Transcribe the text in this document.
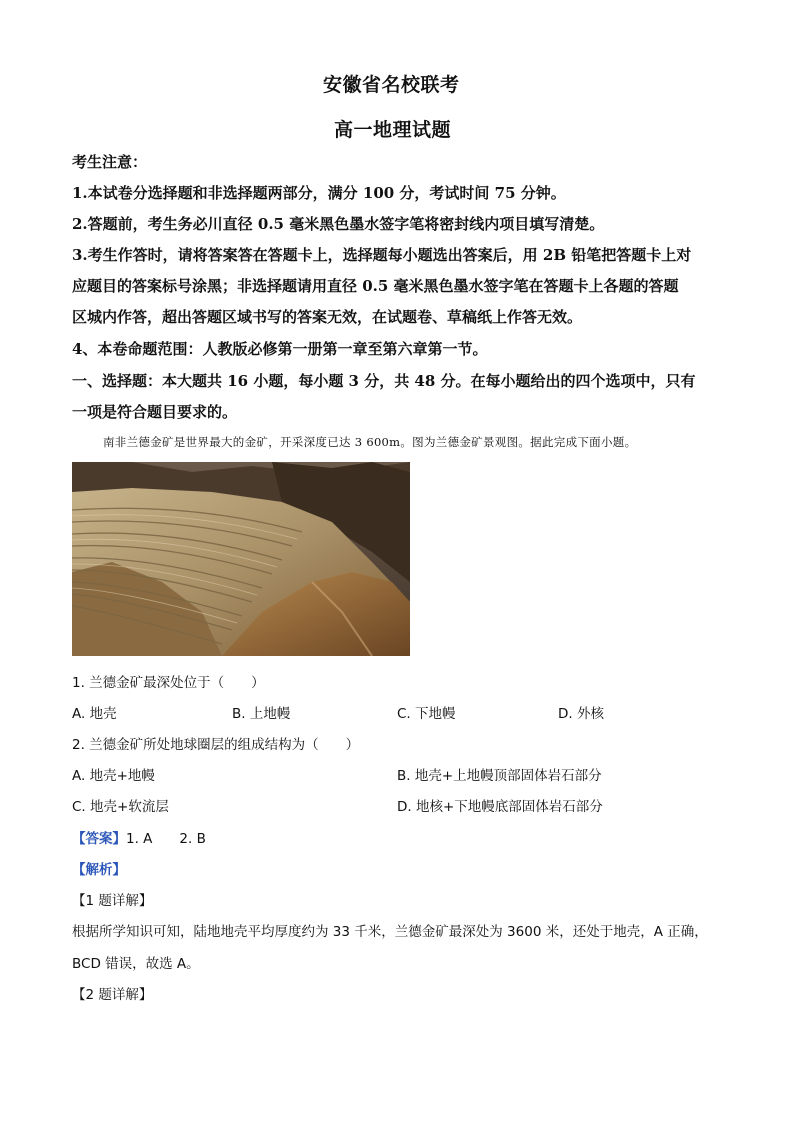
安徽省名校联考
高一地理试题
考生注意：
1.本试卷分选择题和非选择题两部分，满分 100 分，考试时间 75 分钟。
2.答题前，考生务必川直径 0.5 毫米黑色墨水签字笔将密封线内项目填写清楚。
3.考生作答时，请将答案答在答题卡上，选择题每小题选出答案后，用 2B 铅笔把答题卡上对
应题目的答案标号涂黑；非选择题请用直径 0.5 毫米黑色墨水签字笔在答题卡上各题的答题
区城内作答，超出答题区域书写的答案无效，在试题卷、草稿纸上作答无效。
4、本卷命题范围：人教版必修第一册第一章至第六章第一节。
一、选择题：本大题共 16 小题，每小题 3 分，共 48 分。在每小题给出的四个选项中，只有
一项是符合题目要求的。
南非兰德金矿是世界最大的金矿，开采深度已达 3 600m。图为兰德金矿景观图。据此完成下面小题。
1. 兰德金矿最深处位于（　　）
A. 地壳	B. 上地幔	C. 下地幔	D. 外核
2. 兰德金矿所处地球圈层的组成结构为（　　）
A. 地壳+地幔	B. 地壳+上地幔顶部固体岩石部分
C. 地壳+软流层	D. 地核+下地幔底部固体岩石部分
【答案】1. A　　2. B
【解析】
【1 题详解】
根据所学知识可知，陆地地壳平均厚度约为 33 千米，兰德金矿最深处为 3600 米，还处于地壳，A 正确，
BCD 错误，故选 A。
【2 题详解】
